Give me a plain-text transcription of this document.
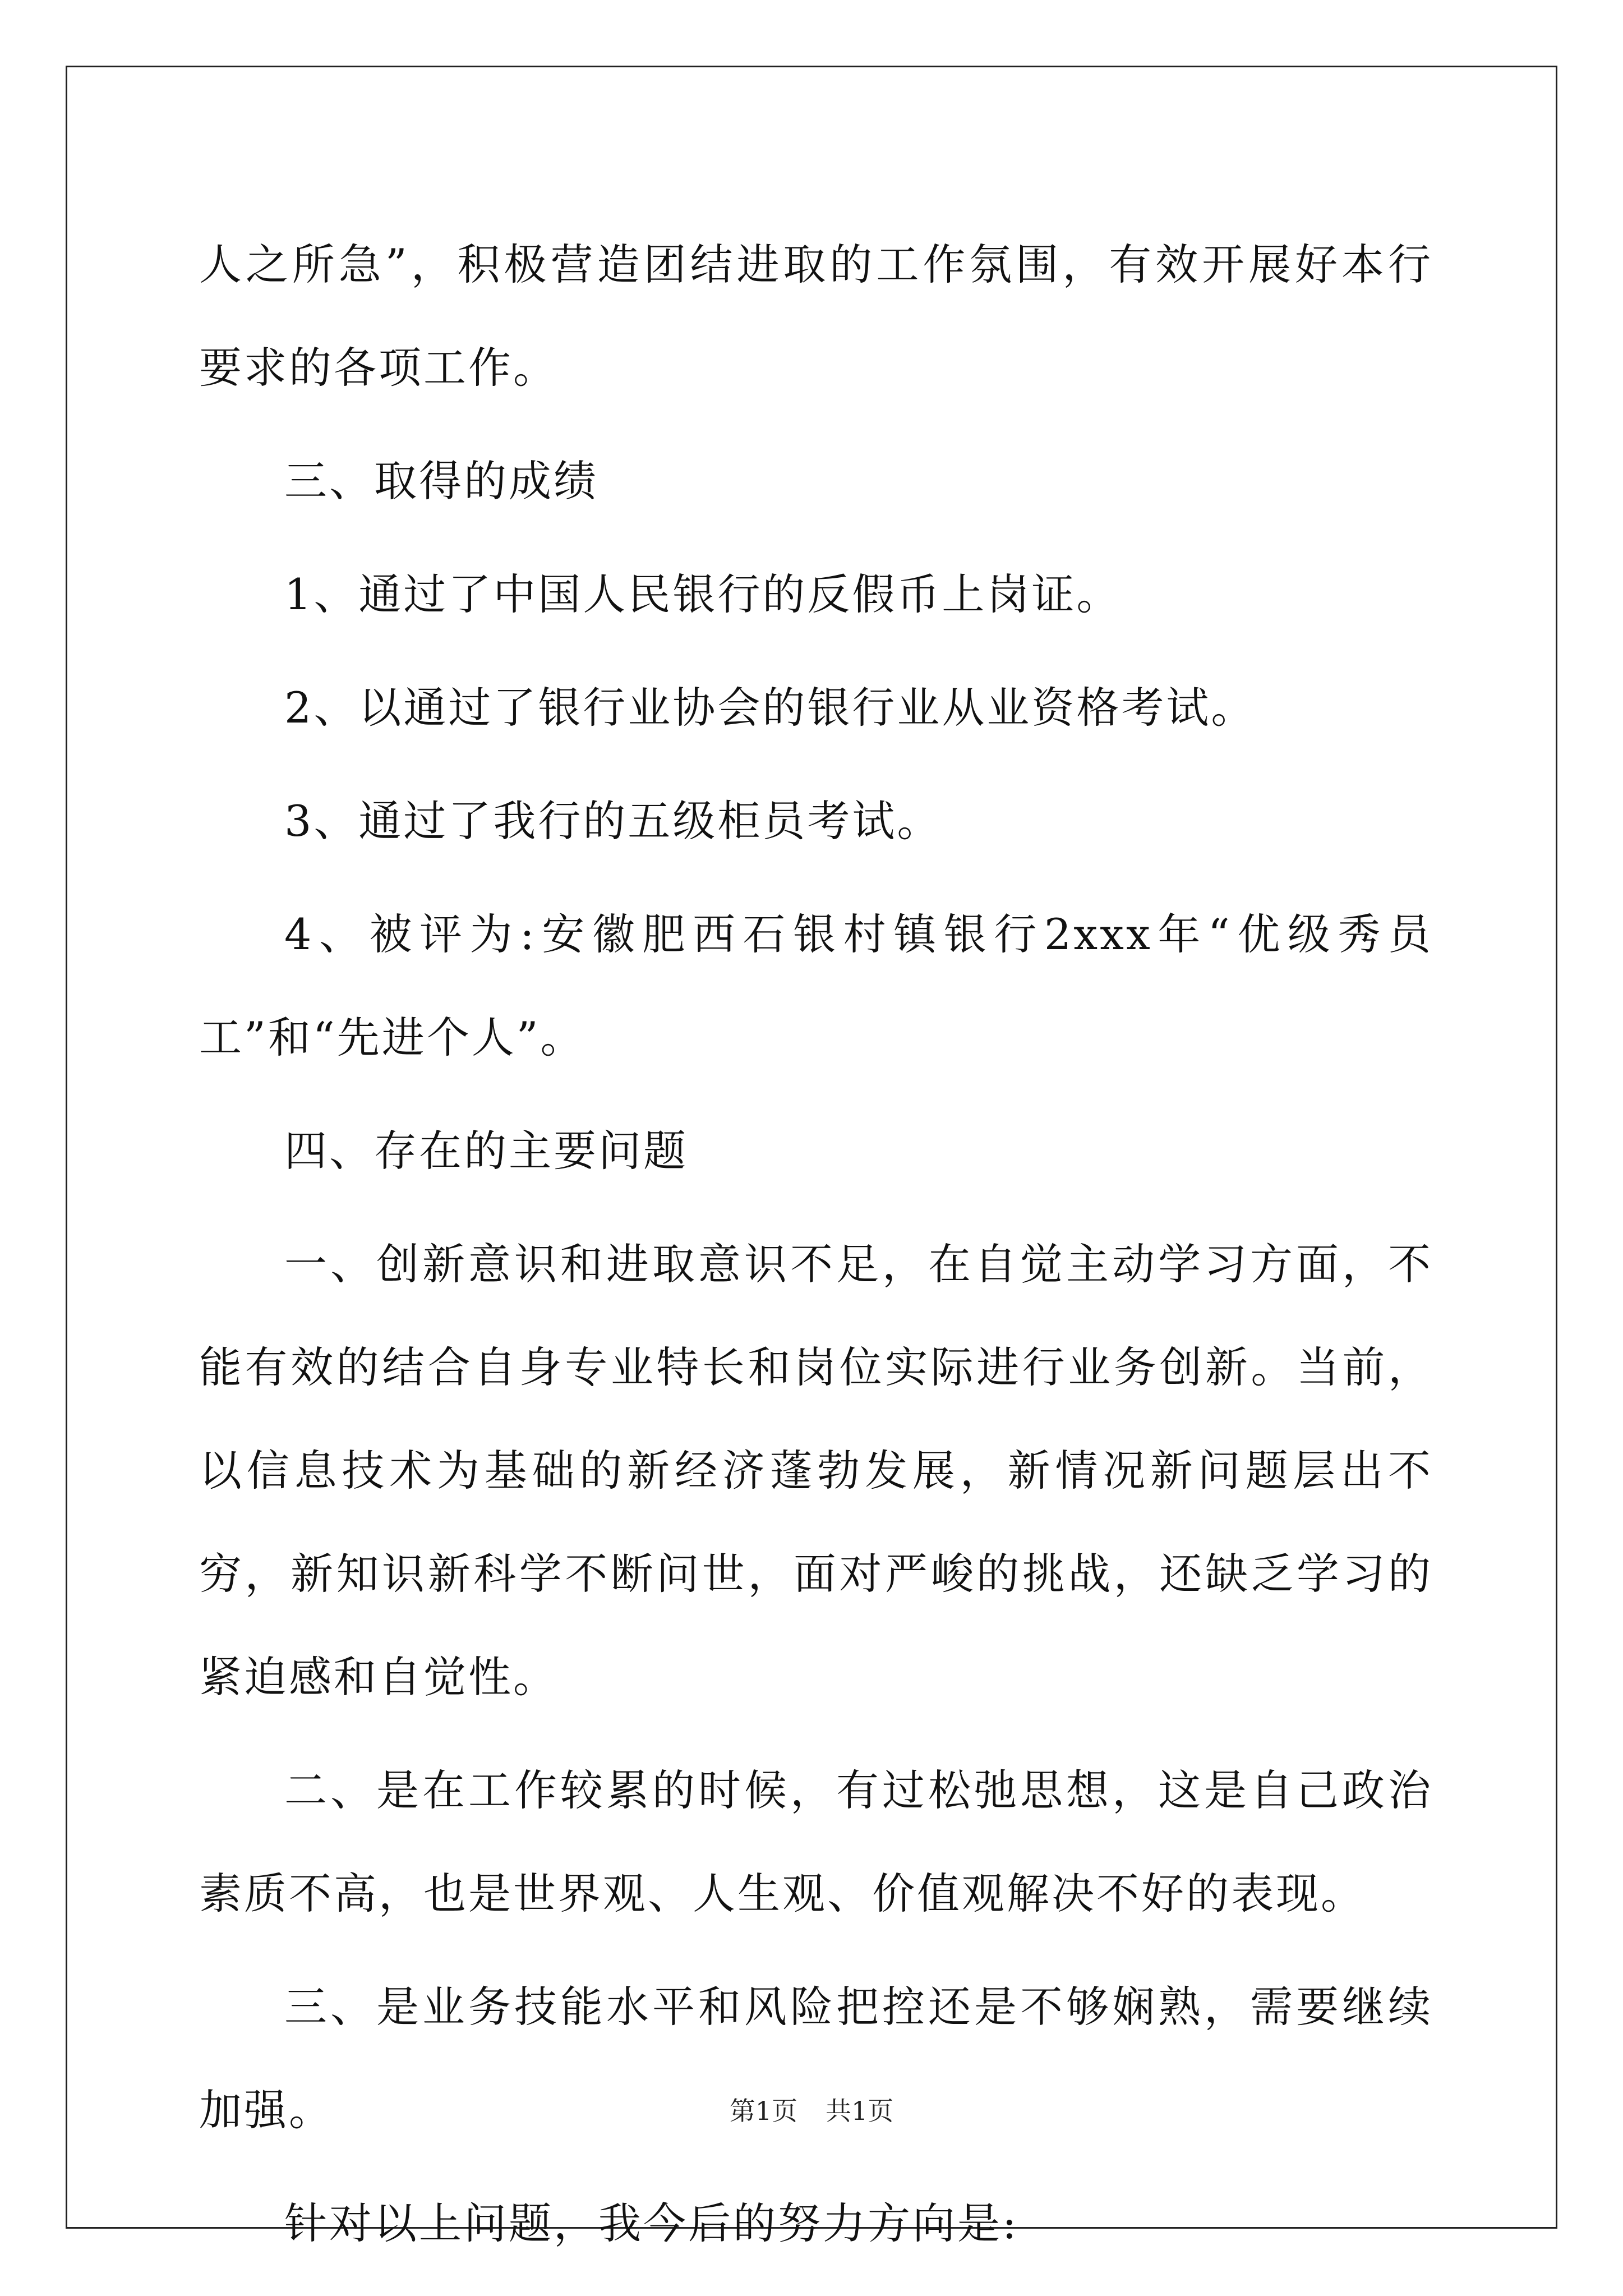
人之所急”，积极营造团结进取的工作氛围，有效开展好本行要求的各项工作。

三、取得的成绩

1、通过了中国人民银行的反假币上岗证。

2、以通过了银行业协会的银行业从业资格考试。

3、通过了我行的五级柜员考试。

4、被评为:安徽肥西石银村镇银行2xxx年“优级秀员工”和“先进个人”。

四、存在的主要问题

一、创新意识和进取意识不足，在自觉主动学习方面，不能有效的结合自身专业特长和岗位实际进行业务创新。当前，以信息技术为基础的新经济蓬勃发展，新情况新问题层出不穷，新知识新科学不断问世，面对严峻的挑战，还缺乏学习的紧迫感和自觉性。

二、是在工作较累的时候，有过松弛思想，这是自己政治素质不高，也是世界观、人生观、价值观解决不好的表现。

三、是业务技能水平和风险把控还是不够娴熟，需要继续加强。

针对以上问题，我今后的努力方向是:

第1页 共1页
